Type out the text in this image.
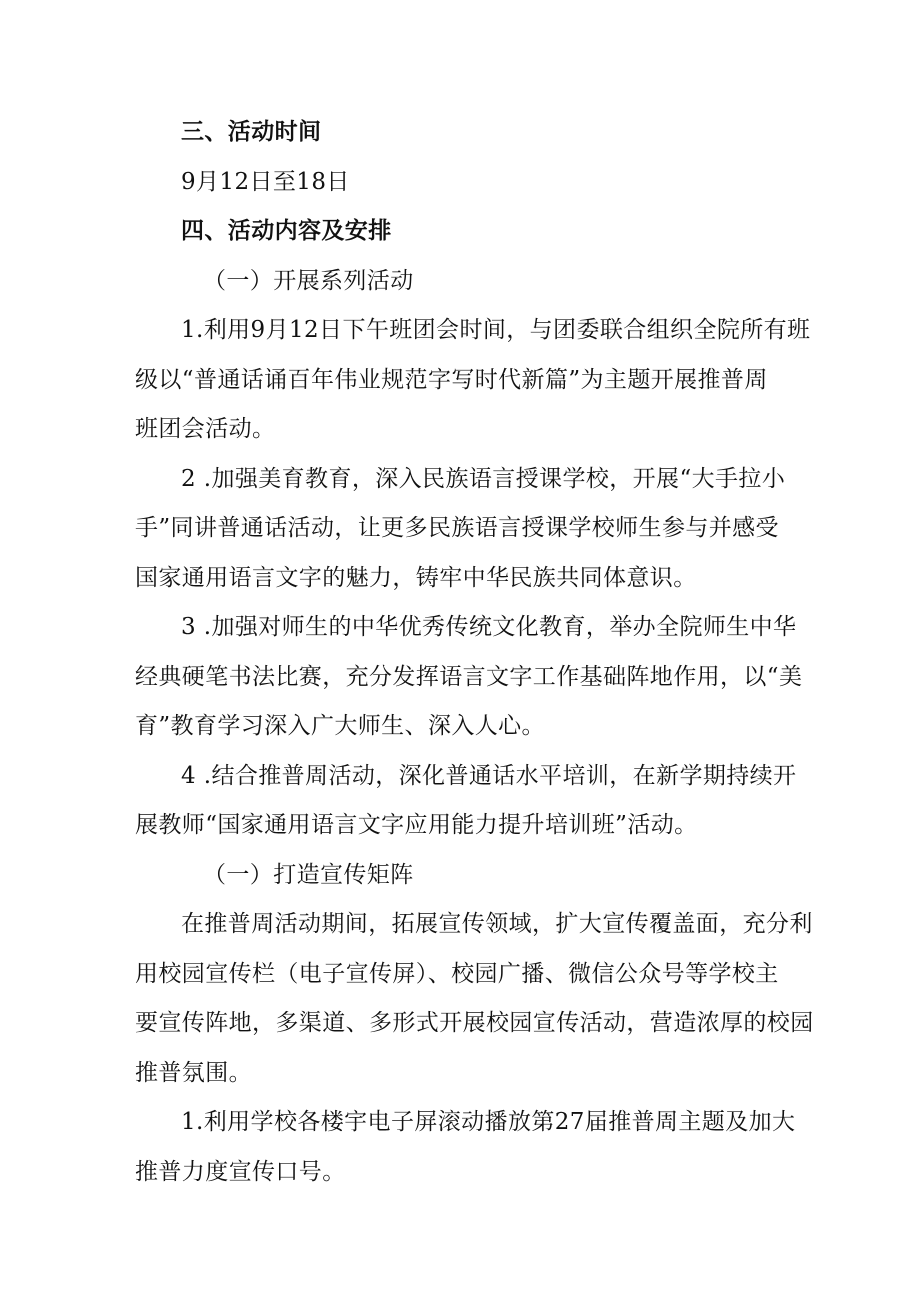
三、活动时间

9月12日至18日

四、活动内容及安排

（一）开展系列活动

1.利用9月12日下午班团会时间，与团委联合组织全院所有班

级以“普通话诵百年伟业规范字写时代新篇”为主题开展推普周

班团会活动。

2 .加强美育教育，深入民族语言授课学校，开展“大手拉小

手”同讲普通话活动，让更多民族语言授课学校师生参与并感受

国家通用语言文字的魅力，铸牢中华民族共同体意识。

3 .加强对师生的中华优秀传统文化教育，举办全院师生中华

经典硬笔书法比赛，充分发挥语言文字工作基础阵地作用，以“美

育”教育学习深入广大师生、深入人心。

4 .结合推普周活动，深化普通话水平培训，在新学期持续开

展教师“国家通用语言文字应用能力提升培训班”活动。

（一）打造宣传矩阵

在推普周活动期间，拓展宣传领域，扩大宣传覆盖面，充分利

用校园宣传栏（电子宣传屏）、校园广播、微信公众号等学校主

要宣传阵地，多渠道、多形式开展校园宣传活动，营造浓厚的校园

推普氛围。

1.利用学校各楼宇电子屏滚动播放第27届推普周主题及加大

推普力度宣传口号。
